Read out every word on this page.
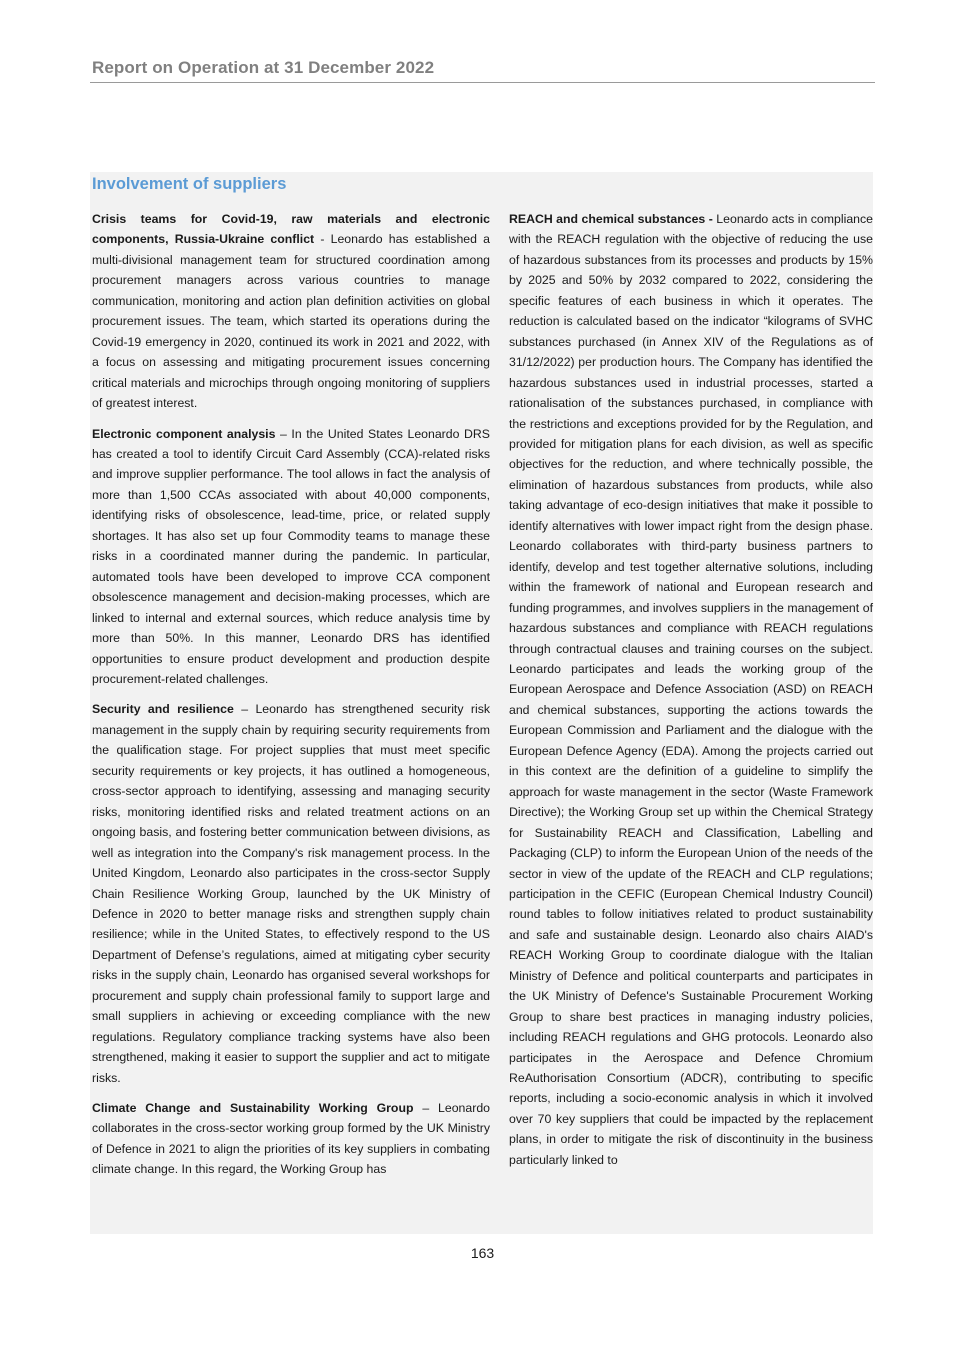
Report on Operation at 31 December 2022
Involvement of suppliers

Crisis teams for Covid-19, raw materials and electronic components, Russia-Ukraine conflict - Leonardo has established a multi-divisional management team for structured coordination among procurement managers across various countries to manage communication, monitoring and action plan definition activities on global procurement issues. The team, which started its operations during the Covid-19 emergency in 2020, continued its work in 2021 and 2022, with a focus on assessing and mitigating procurement issues concerning critical materials and microchips through ongoing monitoring of suppliers of greatest interest.

Electronic component analysis – In the United States Leonardo DRS has created a tool to identify Circuit Card Assembly (CCA)-related risks and improve supplier performance. The tool allows in fact the analysis of more than 1,500 CCAs associated with about 40,000 components, identifying risks of obsolescence, lead-time, price, or related supply shortages. It has also set up four Commodity teams to manage these risks in a coordinated manner during the pandemic. In particular, automated tools have been developed to improve CCA component obsolescence management and decision-making processes, which are linked to internal and external sources, which reduce analysis time by more than 50%. In this manner, Leonardo DRS has identified opportunities to ensure product development and production despite procurement-related challenges.

Security and resilience – Leonardo has strengthened security risk management in the supply chain by requiring security requirements from the qualification stage. For project supplies that must meet specific security requirements or key projects, it has outlined a homogeneous, cross-sector approach to identifying, assessing and managing security risks, monitoring identified risks and related treatment actions on an ongoing basis, and fostering better communication between divisions, as well as integration into the Company's risk management process. In the United Kingdom, Leonardo also participates in the cross-sector Supply Chain Resilience Working Group, launched by the UK Ministry of Defence in 2020 to better manage risks and strengthen supply chain resilience; while in the United States, to effectively respond to the US Department of Defense’s regulations, aimed at mitigating cyber security risks in the supply chain, Leonardo has organised several workshops for procurement and supply chain professional family to support large and small suppliers in achieving or exceeding compliance with the new regulations. Regulatory compliance tracking systems have also been strengthened, making it easier to support the supplier and act to mitigate risks.

Climate Change and Sustainability Working Group – Leonardo collaborates in the cross-sector working group formed by the UK Ministry of Defence in 2021 to align the priorities of its key suppliers in combating climate change. In this regard, the Working Group has

REACH and chemical substances - Leonardo acts in compliance with the REACH regulation with the objective of reducing the use of hazardous substances from its processes and products by 15% by 2025 and 50% by 2032 compared to 2022, considering the specific features of each business in which it operates. The reduction is calculated based on the indicator “kilograms of SVHC substances purchased (in Annex XIV of the Regulations as of 31/12/2022) per production hours. The Company has identified the hazardous substances used in industrial processes, started a rationalisation of the substances purchased, in compliance with the restrictions and exceptions provided for by the Regulation, and provided for mitigation plans for each division, as well as specific objectives for the reduction, and where technically possible, the elimination of hazardous substances from products, while also taking advantage of eco-design initiatives that make it possible to identify alternatives with lower impact right from the design phase. Leonardo collaborates with third-party business partners to identify, develop and test together alternative solutions, including within the framework of national and European research and funding programmes, and involves suppliers in the management of hazardous substances and compliance with REACH regulations through contractual clauses and training courses on the subject. Leonardo participates and leads the working group of the European Aerospace and Defence Association (ASD) on REACH and chemical substances, supporting the actions towards the European Commission and Parliament and the dialogue with the European Defence Agency (EDA). Among the projects carried out in this context are the definition of a guideline to simplify the approach for waste management in the sector (Waste Framework Directive); the Working Group set up within the Chemical Strategy for Sustainability REACH and Classification, Labelling and Packaging (CLP) to inform the European Union of the needs of the sector in view of the update of the REACH and CLP regulations; participation in the CEFIC (European Chemical Industry Council) round tables to follow initiatives related to product sustainability and safe and sustainable design. Leonardo also chairs AIAD's REACH Working Group to coordinate dialogue with the Italian Ministry of Defence and political counterparts and participates in the UK Ministry of Defence's Sustainable Procurement Working Group to share best practices in managing industry policies, including REACH regulations and GHG protocols. Leonardo also participates in the Aerospace and Defence Chromium ReAuthorisation Consortium (ADCR), contributing to specific reports, including a socio-economic analysis in which it involved over 70 key suppliers that could be impacted by the replacement plans, in order to mitigate the risk of discontinuity in the business particularly linked to

163
